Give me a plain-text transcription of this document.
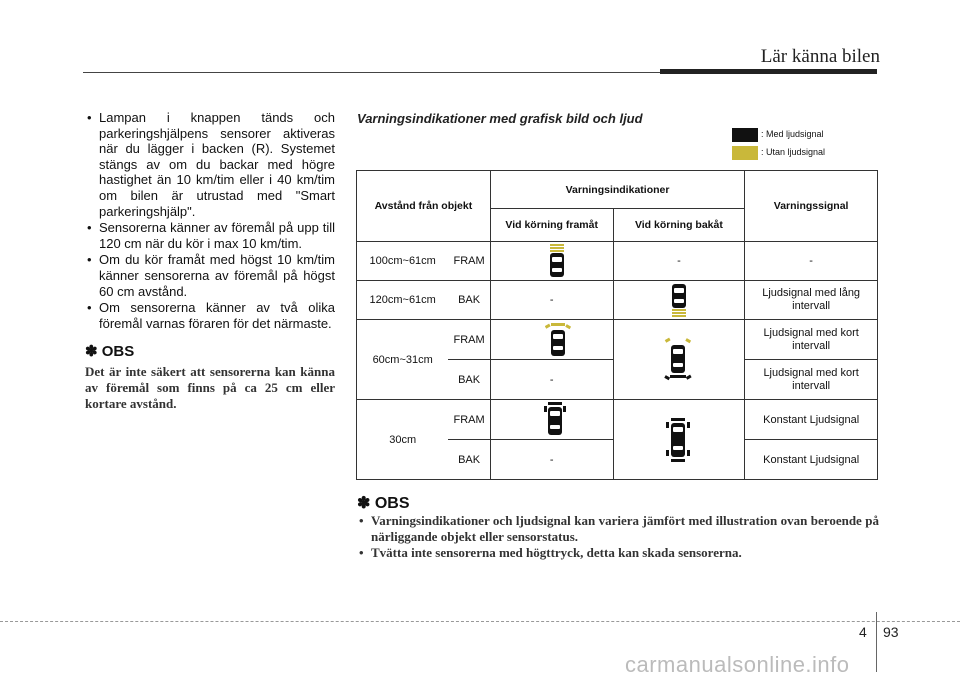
Lär känna bilen
• Lampan i knappen tänds och parkeringshjälpens sensorer aktiveras när du lägger i backen (R). Systemet stängs av om du backar med högre hastighet än 10 km/tim eller i 40 km/tim om bilen är utrustad med "Smart parkeringshjälp".
• Sensorerna känner av föremål på upp till 120 cm när du kör i max 10 km/tim.
• Om du kör framåt med högst 10 km/tim känner sensorerna av föremål på högst 60 cm avstånd.
• Om sensorerna känner av två olika föremål varnas föraren för det närmaste.
✽ OBS
Det är inte säkert att sensorerna kan känna av föremål som finns på ca 25 cm eller kortare avstånd.
Varningsindikationer med grafisk bild och ljud
: Med ljudsignal
: Utan ljudsignal
Avstånd från objekt		Varningsindikationer		Varningssignal
		Vid körning framåt	Vid körning bakåt	
100cm~61cm	FRAM		-	-
120cm~61cm	BAK	-		Ljudsignal med lång intervall
60cm~31cm	FRAM			Ljudsignal med kort intervall
	BAK	-		Ljudsignal med kort intervall
30cm	FRAM			Konstant Ljudsignal
	BAK	-		Konstant Ljudsignal
✽ OBS
• Varningsindikationer och ljudsignal kan variera jämfört med illustration ovan beroende på närliggande objekt eller sensorstatus.
• Tvätta inte sensorerna med högttryck, detta kan skada sensorerna.
4 93
carmanualsonline.info
